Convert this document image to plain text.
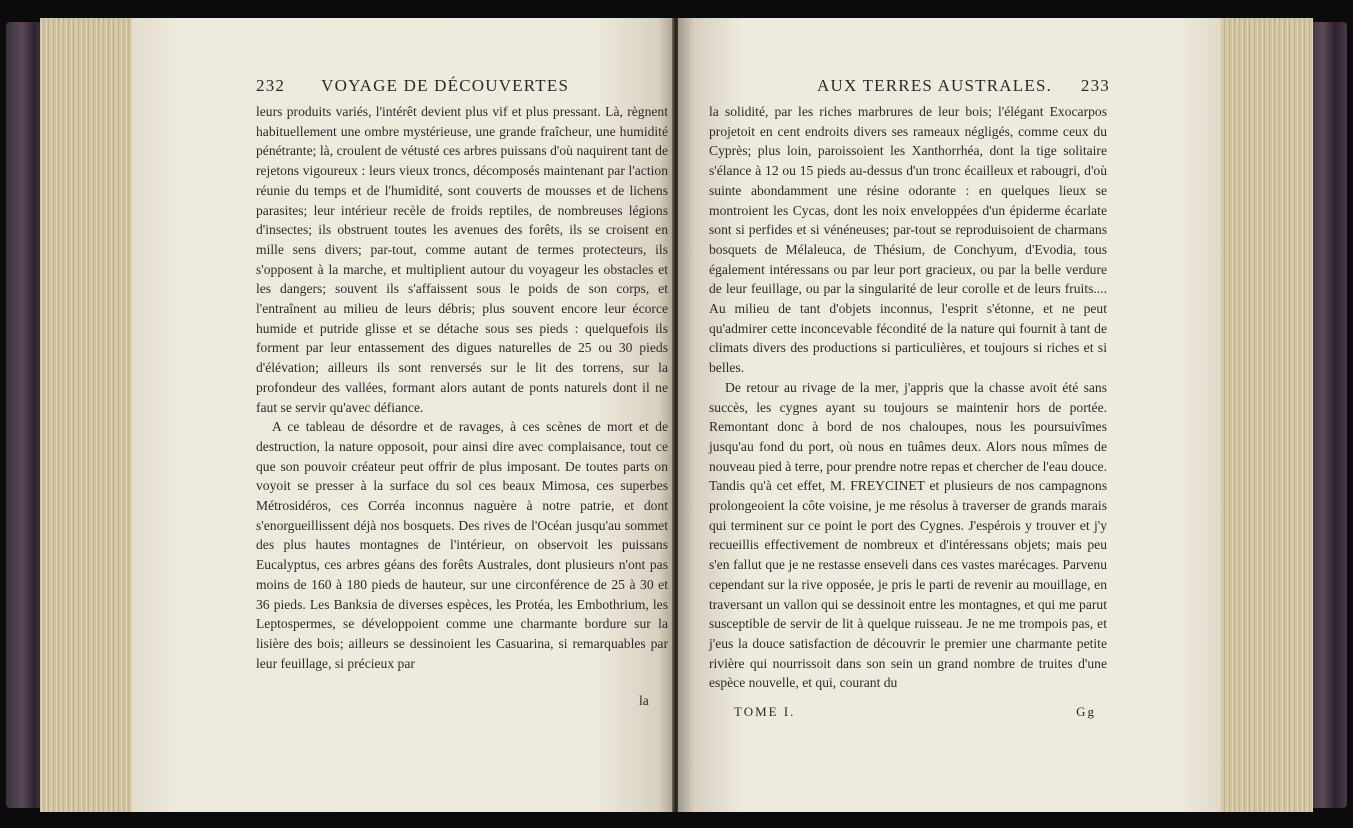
232 VOYAGE DE DÉCOUVERTES

leurs produits variés, l'intérêt devient plus vif et plus pressant. Là, règnent habituellement une ombre mystérieuse, une grande fraîcheur, une humidité pénétrante; là, croulent de vétusté ces arbres puissans d'où naquirent tant de rejetons vigoureux : leurs vieux troncs, décomposés maintenant par l'action réunie du temps et de l'humidité, sont couverts de mousses et de lichens parasites; leur intérieur recèle de froids reptiles, de nombreuses légions d'insectes; ils obstruent toutes les avenues des forêts, ils se croisent en mille sens divers; par-tout, comme autant de termes protecteurs, ils s'opposent à la marche, et multiplient autour du voyageur les obstacles et les dangers; souvent ils s'affaissent sous le poids de son corps, et l'entraînent au milieu de leurs débris; plus souvent encore leur écorce humide et putride glisse et se détache sous ses pieds : quelquefois ils forment par leur entassement des digues naturelles de 25 ou 30 pieds d'élévation; ailleurs ils sont renversés sur le lit des torrens, sur la profondeur des vallées, formant alors autant de ponts naturels dont il ne faut se servir qu'avec défiance.

A ce tableau de désordre et de ravages, à ces scènes de mort et de destruction, la nature opposoit, pour ainsi dire avec complaisance, tout ce que son pouvoir créateur peut offrir de plus imposant. De toutes parts on voyoit se presser à la surface du sol ces beaux Mimosa, ces superbes Métrosidéros, ces Corréa inconnus naguère à notre patrie, et dont s'enorgueillissent déjà nos bosquets. Des rives de l'Océan jusqu'au sommet des plus hautes montagnes de l'intérieur, on observoit les puissans Eucalyptus, ces arbres géans des forêts Australes, dont plusieurs n'ont pas moins de 160 à 180 pieds de hauteur, sur une circonférence de 25 à 30 et 36 pieds. Les Banksia de diverses espèces, les Protéa, les Embothrium, les Leptospermes, se développoient comme une charmante bordure sur la lisière des bois; ailleurs se dessinoient les Casuarina, si remarquables par leur feuillage, si précieux par

la
AUX TERRES AUSTRALES.	233

la solidité, par les riches marbrures de leur bois; l'élégant Exocarpos projetoit en cent endroits divers ses rameaux négligés, comme ceux du Cyprès; plus loin, paroissoient les Xanthorrhéa, dont la tige solitaire s'élance à 12 ou 15 pieds au-dessus d'un tronc écailleux et rabougri, d'où suinte abondamment une résine odorante : en quelques lieux se montroient les Cycas, dont les noix enveloppées d'un épiderme écarlate sont si perfides et si vénéneuses; par-tout se reproduisoient de charmans bosquets de Mélaleuca, de Thésium, de Conchyum, d'Evodia, tous également intéressans ou par leur port gracieux, ou par la belle verdure de leur feuillage, ou par la singularité de leur corolle et de leurs fruits.... Au milieu de tant d'objets inconnus, l'esprit s'étonne, et ne peut qu'admirer cette inconcevable fécondité de la nature qui fournit à tant de climats divers des productions si particulières, et toujours si riches et si belles.

De retour au rivage de la mer, j'appris que la chasse avoit été sans succès, les cygnes ayant su toujours se maintenir hors de portée. Remontant donc à bord de nos chaloupes, nous les poursuivîmes jusqu'au fond du port, où nous en tuâmes deux. Alors nous mîmes de nouveau pied à terre, pour prendre notre repas et chercher de l'eau douce. Tandis qu'à cet effet, M. FREYCINET et plusieurs de nos campagnons prolongeoient la côte voisine, je me résolus à traverser de grands marais qui terminent sur ce point le port des Cygnes. J'espérois y trouver et j'y recueillis effectivement de nombreux et d'intéressans objets; mais peu s'en fallut que je ne restasse enseveli dans ces vastes marécages. Parvenu cependant sur la rive opposée, je pris le parti de revenir au mouillage, en traversant un vallon qui se dessinoit entre les montagnes, et qui me parut susceptible de servir de lit à quelque ruisseau. Je ne me trompois pas, et j'eus la douce satisfaction de découvrir le premier une charmante petite rivière qui nourrissoit dans son sein un grand nombre de truites d'une espèce nouvelle, et qui, courant du

TOME I.	Gg
